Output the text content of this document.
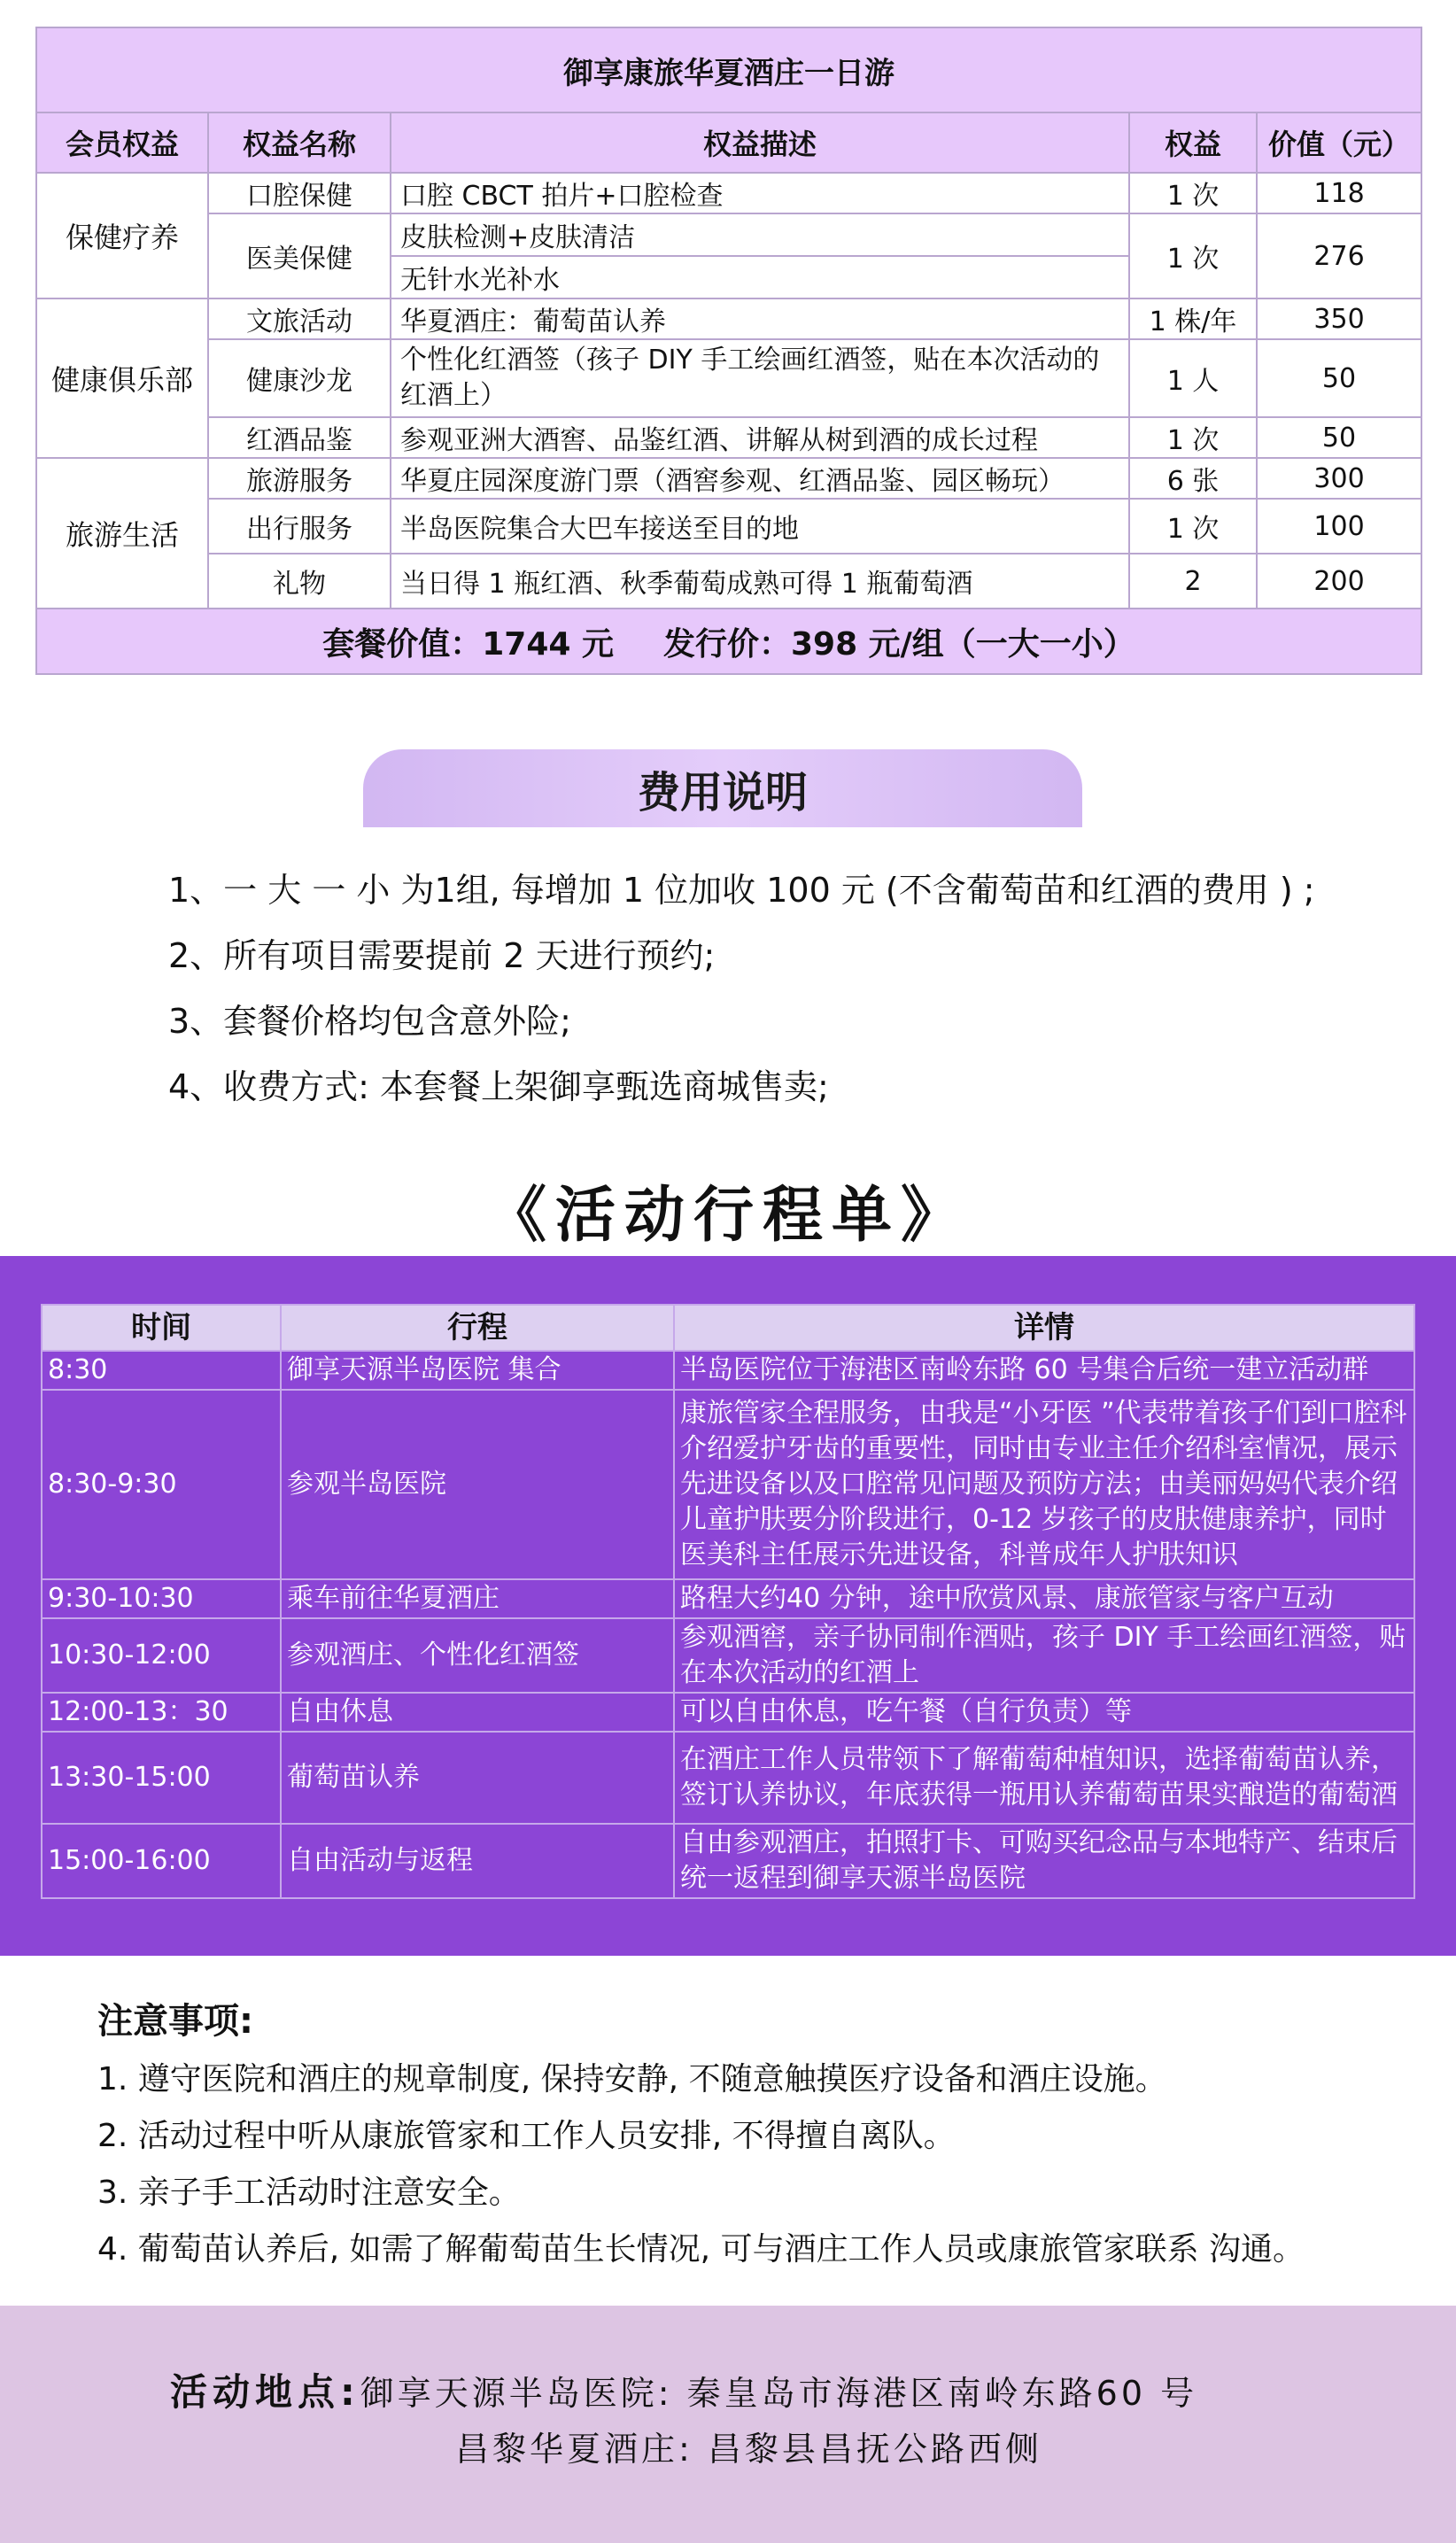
御享康旅华夏酒庄一日游				
会员权益	权益名称	权益描述	权益	价值（元）
保健疗养	口腔保健	口腔 CBCT 拍片+口腔检查	1 次	118
	医美保健	皮肤检测+皮肤清洁	1 次	276
		无针水光补水		
健康俱乐部	文旅活动	华夏酒庄：葡萄苗认养	1 株/年	350
	健康沙龙	个性化红酒签（孩子 DIY 手工绘画红酒签，贴在本次活动的红酒上）	1 人	50
	红酒品鉴	参观亚洲大酒窖、品鉴红酒、讲解从树到酒的成长过程	1 次	50
旅游生活	旅游服务	华夏庄园深度游门票（酒窖参观、红酒品鉴、园区畅玩）	6 张	300
	出行服务	半岛医院集合大巴车接送至目的地	1 次	100
	礼物	当日得 1 瓶红酒、秋季葡萄成熟可得 1 瓶葡萄酒	2	200
套餐价值：1744 元 发行价：398 元/组（一大一小）				
费用说明
1、一 大 一 小 为1组, 每增加 1 位加收 100 元 (不含葡萄苗和红酒的费用 ) ;
2、所有项目需要提前 2 天进行预约;
3、套餐价格均包含意外险;
4、收费方式: 本套餐上架御享甄选商城售卖;
《活动行程单》
时间	行程	详情
8:30	御享天源半岛医院 集合	半岛医院位于海港区南岭东路 60 号集合后统一建立活动群
8:30-9:30	参观半岛医院	康旅管家全程服务，由我是“小牙医 ”代表带着孩子们到口腔科介绍爱护牙齿的重要性，同时由专业主任介绍科室情况，展示先进设备以及口腔常见问题及预防方法；由美丽妈妈代表介绍儿童护肤要分阶段进行，0-12 岁孩子的皮肤健康养护，同时医美科主任展示先进设备，科普成年人护肤知识
9:30-10:30	乘车前往华夏酒庄	路程大约40 分钟，途中欣赏风景、康旅管家与客户互动
10:30-12:00	参观酒庄、个性化红酒签	参观酒窖，亲子协同制作酒贴，孩子 DIY 手工绘画红酒签，贴在本次活动的红酒上
12:00-13：30	自由休息	可以自由休息，吃午餐（自行负责）等
13:30-15:00	葡萄苗认养	在酒庄工作人员带领下了解葡萄种植知识，选择葡萄苗认养，签订认养协议，年底获得一瓶用认养葡萄苗果实酿造的葡萄酒
15:00-16:00	自由活动与返程	自由参观酒庄，拍照打卡、可购买纪念品与本地特产、结束后统一返程到御享天源半岛医院
注意事项:
1. 遵守医院和酒庄的规章制度, 保持安静, 不随意触摸医疗设备和酒庄设施。
2. 活动过程中听从康旅管家和工作人员安排, 不得擅自离队。
3. 亲子手工活动时注意安全。
4. 葡萄苗认养后, 如需了解葡萄苗生长情况, 可与酒庄工作人员或康旅管家联系 沟通。
活动地点:御享天源半岛医院: 秦皇岛市海港区南岭东路60 号
昌黎华夏酒庄: 昌黎县昌抚公路西侧
